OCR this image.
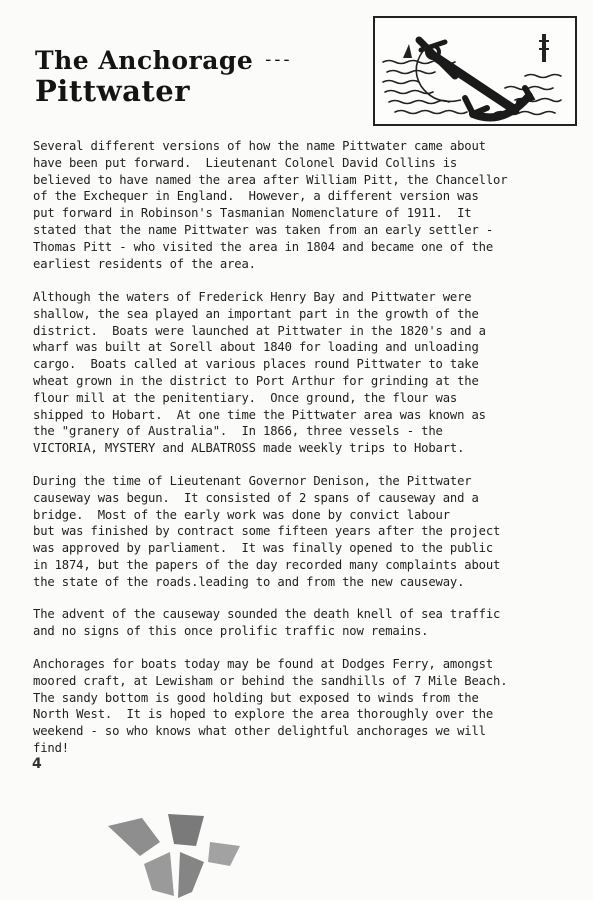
The Anchorage ---
Pittwater

Several different versions of how the name Pittwater came about
have been put forward.  Lieutenant Colonel David Collins is
believed to have named the area after William Pitt, the Chancellor
of the Exchequer in England.  However, a different version was
put forward in Robinson's Tasmanian Nomenclature of 1911.  It
stated that the name Pittwater was taken from an early settler -
Thomas Pitt - who visited the area in 1804 and became one of the
earliest residents of the area.

Although the waters of Frederick Henry Bay and Pittwater were
shallow, the sea played an important part in the growth of the
district.  Boats were launched at Pittwater in the 1820's and a
wharf was built at Sorell about 1840 for loading and unloading
cargo.  Boats called at various places round Pittwater to take
wheat grown in the district to Port Arthur for grinding at the
flour mill at the penitentiary.  Once ground, the flour was
shipped to Hobart.  At one time the Pittwater area was known as
the "granery of Australia".  In 1866, three vessels - the
VICTORIA, MYSTERY and ALBATROSS made weekly trips to Hobart.

During the time of Lieutenant Governor Denison, the Pittwater
causeway was begun.  It consisted of 2 spans of causeway and a
bridge.  Most of the early work was done by convict labour
but was finished by contract some fifteen years after the project
was approved by parliament.  It was finally opened to the public
in 1874, but the papers of the day recorded many complaints about
the state of the roads.leading to and from the new causeway.

The advent of the causeway sounded the death knell of sea traffic
and no signs of this once prolific traffic now remains.

Anchorages for boats today may be found at Dodges Ferry, amongst
moored craft, at Lewisham or behind the sandhills of 7 Mile Beach.
The sandy bottom is good holding but exposed to winds from the
North West.  It is hoped to explore the area thoroughly over the
weekend - so who knows what other delightful anchorages we will
find!

4
